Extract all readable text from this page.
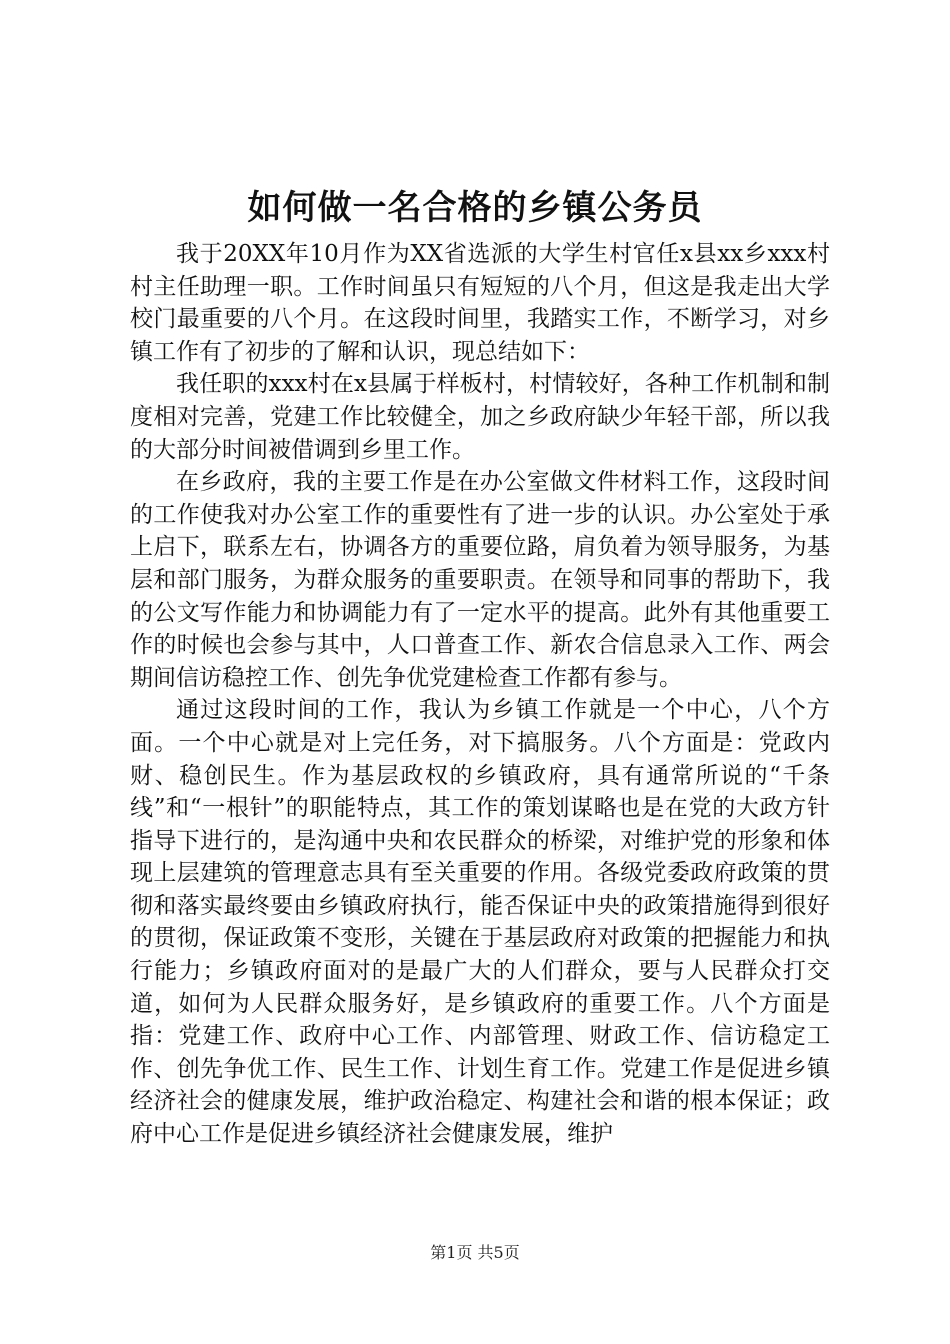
如何做一名合格的乡镇公务员

我于20XX年10月作为XX省选派的大学生村官任x县xx乡xxx村村主任助理一职。工作时间虽只有短短的八个月，但这是我走出大学校门最重要的八个月。在这段时间里，我踏实工作，不断学习，对乡镇工作有了初步的了解和认识，现总结如下：

我任职的xxx村在x县属于样板村，村情较好，各种工作机制和制度相对完善，党建工作比较健全，加之乡政府缺少年轻干部，所以我的大部分时间被借调到乡里工作。

在乡政府，我的主要工作是在办公室做文件材料工作，这段时间的工作使我对办公室工作的重要性有了进一步的认识。办公室处于承上启下，联系左右，协调各方的重要位路，肩负着为领导服务，为基层和部门服务，为群众服务的重要职责。在领导和同事的帮助下，我的公文写作能力和协调能力有了一定水平的提高。此外有其他重要工作的时候也会参与其中，人口普查工作、新农合信息录入工作、两会期间信访稳控工作、创先争优党建检查工作都有参与。

通过这段时间的工作，我认为乡镇工作就是一个中心，八个方面。一个中心就是对上完任务，对下搞服务。八个方面是：党政内财、稳创民生。作为基层政权的乡镇政府，具有通常所说的“千条线”和“一根针”的职能特点，其工作的策划谋略也是在党的大政方针指导下进行的，是沟通中央和农民群众的桥梁，对维护党的形象和体现上层建筑的管理意志具有至关重要的作用。各级党委政府政策的贯彻和落实最终要由乡镇政府执行，能否保证中央的政策措施得到很好的贯彻，保证政策不变形，关键在于基层政府对政策的把握能力和执行能力；乡镇政府面对的是最广大的人们群众，要与人民群众打交道，如何为人民群众服务好，是乡镇政府的重要工作。八个方面是指：党建工作、政府中心工作、内部管理、财政工作、信访稳定工作、创先争优工作、民生工作、计划生育工作。党建工作是促进乡镇经济社会的健康发展，维护政治稳定、构建社会和谐的根本保证；政府中心工作是促进乡镇经济社会健康发展，维护

第1页 共5页
